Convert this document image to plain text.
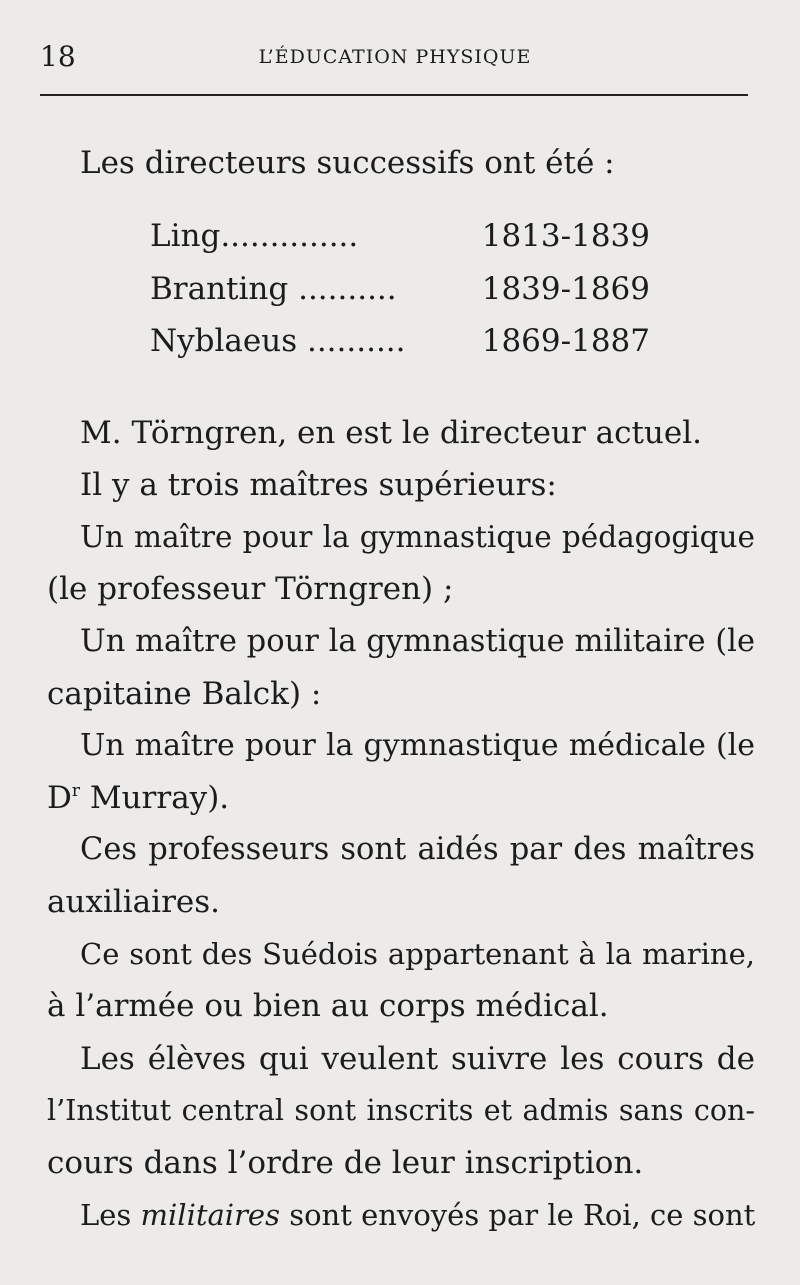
18	L’ÉDUCATION PHYSIQUE
Les directeurs successifs ont été :
Ling..............	1813-1839
Branting ..........	1839-1869
Nyblaeus .......... 1869-1887
M. Törngren, en est le directeur actuel.
Il y a trois maîtres supérieurs:
Un maître pour la gymnastique pédagogique
(le professeur Törngren) ;
Un maître pour la gymnastique militaire (le
capitaine Balck) :
Un maître pour la gymnastique médicale (le
$D^r$ Murray).
Ces professeurs sont aidés par des maîtres
auxiliaires.
Ce sont des Suédois appartenant à la marine,
à l’armée ou bien au corps médical.
Les élèves qui veulent suivre les cours de
l’Institut central sont inscrits et admis sans con-
cours dans l’ordre de leur inscription.
Les militaires sont envoyés par le Roi, ce sont
